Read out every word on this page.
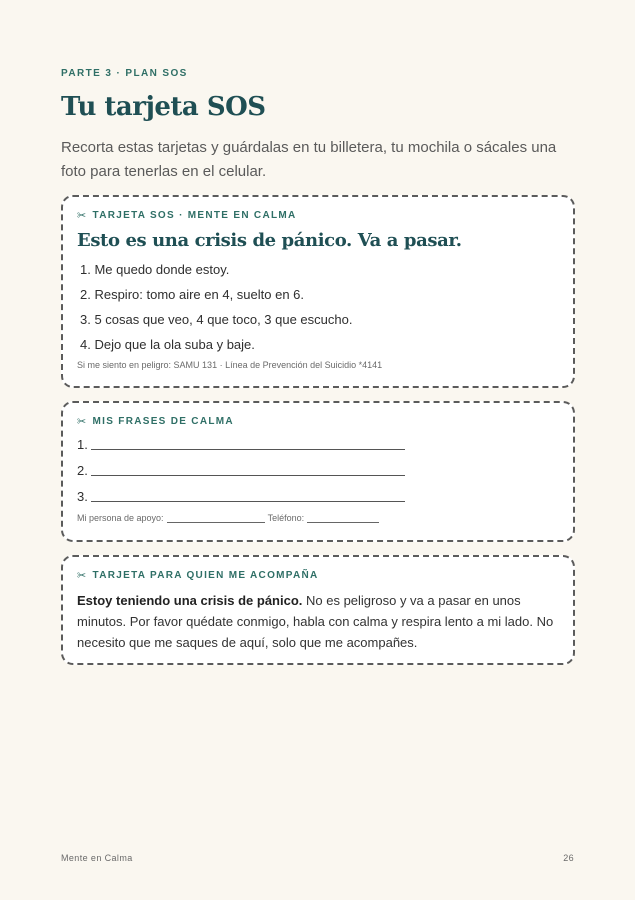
PARTE 3 · PLAN SOS
Tu tarjeta SOS

Recorta estas tarjetas y guárdalas en tu billetera, tu mochila o sácales una foto para tenerlas en el celular.

✂ TARJETA SOS · MENTE EN CALMA
Esto es una crisis de pánico. Va a pasar.
1. Me quedo donde estoy.
2. Respiro: tomo aire en 4, suelto en 6.
3. 5 cosas que veo, 4 que toco, 3 que escucho.
4. Dejo que la ola suba y baje.
Si me siento en peligro: SAMU 131 · Línea de Prevención del Suicidio *4141
✂ MIS FRASES DE CALMA
1.
2.
3.
Mi persona de apoyo:	Teléfono:
✂ TARJETA PARA QUIEN ME ACOMPAÑA

Estoy teniendo una crisis de pánico. No es peligroso y va a pasar en unos minutos. Por favor quédate conmigo, habla con calma y respira lento a mi lado. No necesito que me saques de aquí, solo que me acompañes.

Mente en Calma	26
